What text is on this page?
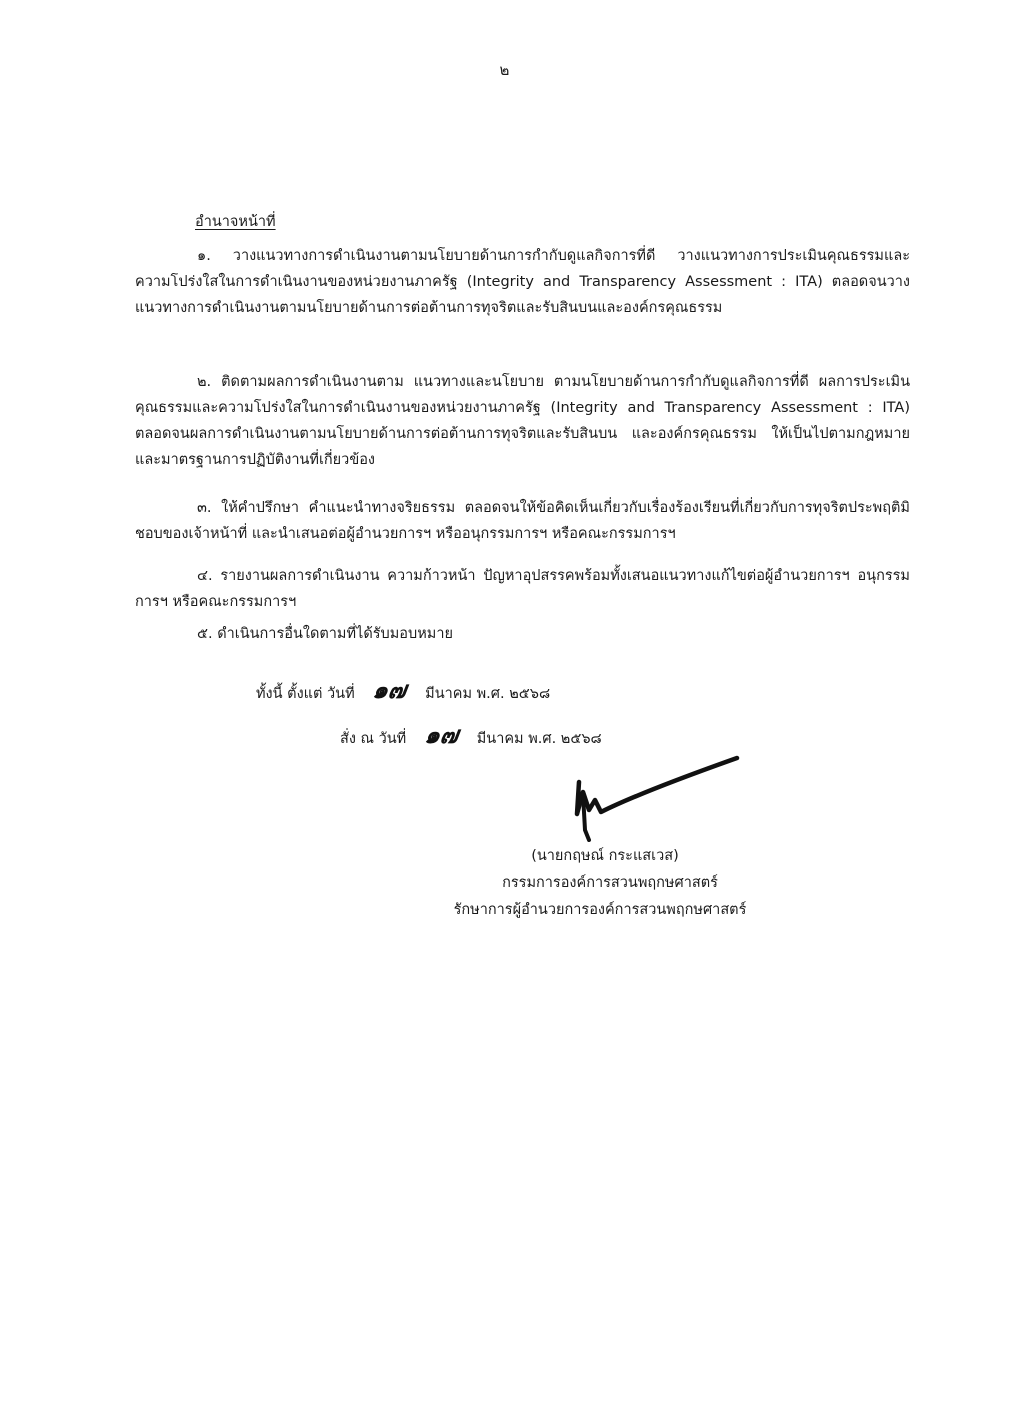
๒
อำนาจหน้าที่

๑. วางแนวทางการดำเนินงานตามนโยบายด้านการกำกับดูแลกิจการที่ดี วางแนวทางการประเมินคุณธรรมและความโปร่งใสในการดำเนินงานของหน่วยงานภาครัฐ (Integrity and Transparency Assessment : ITA) ตลอดจนวางแนวทางการดำเนินงานตามนโยบายด้านการต่อต้านการทุจริตและรับสินบนและองค์กรคุณธรรม

๒. ติดตามผลการดำเนินงานตาม แนวทางและนโยบาย ตามนโยบายด้านการกำกับดูแลกิจการที่ดี ผลการประเมินคุณธรรมและความโปร่งใสในการดำเนินงานของหน่วยงานภาครัฐ (Integrity and Transparency Assessment : ITA) ตลอดจนผลการดำเนินงานตามนโยบายด้านการต่อต้านการทุจริตและรับสินบน และองค์กรคุณธรรม ให้เป็นไปตามกฎหมาย และมาตรฐานการปฏิบัติงานที่เกี่ยวข้อง

๓. ให้คำปรึกษา คำแนะนำทางจริยธรรม ตลอดจนให้ข้อคิดเห็นเกี่ยวกับเรื่องร้องเรียนที่เกี่ยวกับการทุจริตประพฤติมิชอบของเจ้าหน้าที่ และนำเสนอต่อผู้อำนวยการฯ หรืออนุกรรมการฯ หรือคณะกรรมการฯ

๔. รายงานผลการดำเนินงาน ความก้าวหน้า ปัญหาอุปสรรคพร้อมทั้งเสนอแนวทางแก้ไขต่อผู้อำนวยการฯ อนุกรรมการฯ หรือคณะกรรมการฯ

๕. ดำเนินการอื่นใดตามที่ได้รับมอบหมาย

ทั้งนี้ ตั้งแต่ วันที่ ๑๗ มีนาคม พ.ศ. ๒๕๖๘
สั่ง ณ วันที่ ๑๗ มีนาคม พ.ศ. ๒๕๖๘
(นายกฤษณ์ กระแสเวส)
กรรมการองค์การสวนพฤกษศาสตร์
รักษาการผู้อำนวยการองค์การสวนพฤกษศาสตร์
